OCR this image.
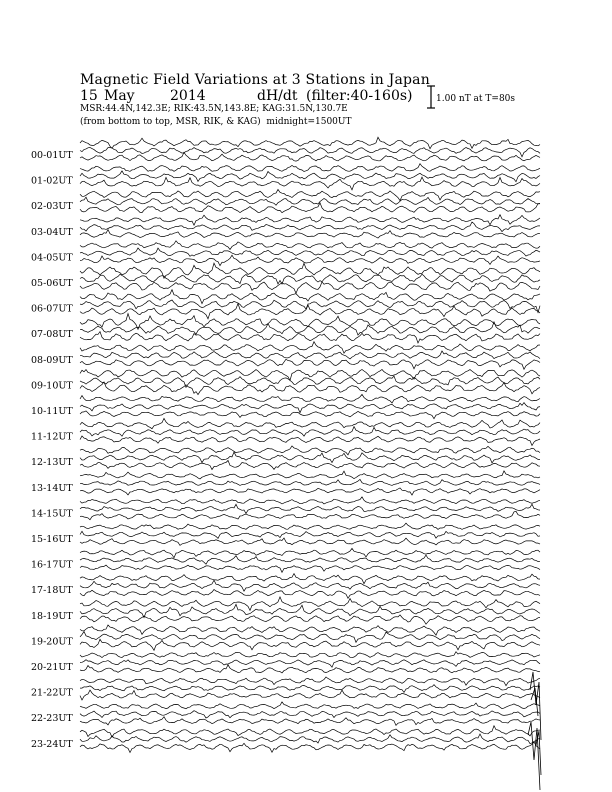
Magnetic Field Variations at 3 Stations in Japan
15 May	2014	dH/dt (filter:40-160s)
MSR:44.4N,142.3E; RIK:43.5N,143.8E; KAG:31.5N,130.7E
(from bottom to top, MSR, RIK, & KAG) midnight=1500UT
1.00 nT at T=80s
00-01UT
01-02UT
02-03UT
03-04UT
04-05UT
05-06UT
06-07UT
07-08UT
08-09UT
09-10UT
10-11UT
11-12UT
12-13UT
13-14UT
14-15UT
15-16UT
16-17UT
17-18UT
18-19UT
19-20UT
20-21UT
21-22UT
22-23UT
23-24UT
